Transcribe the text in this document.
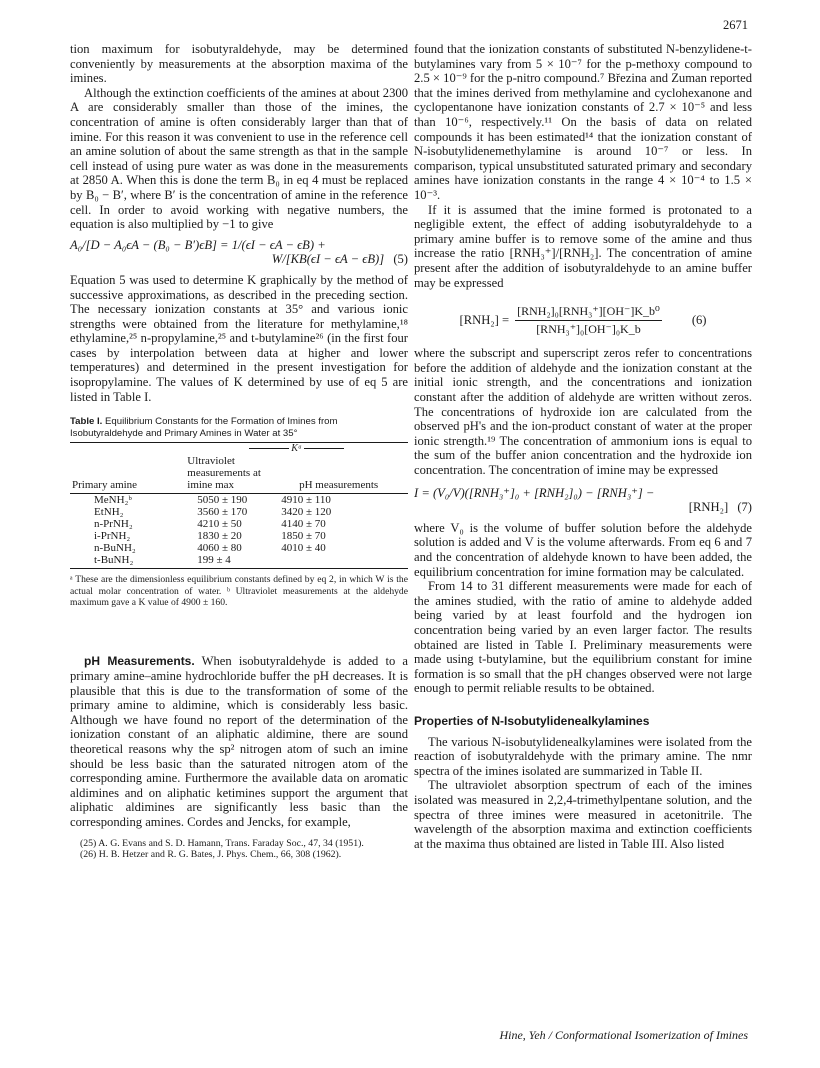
2671

tion maximum for isobutyraldehyde, may be determined conveniently by measurements at the absorption maxima of the imines.

Although the extinction coefficients of the amines at about 2300 A are considerably smaller than those of the imines, the concentration of amine is often considerably larger than that of imine. For this reason it was convenient to use in the reference cell an amine solution of about the same strength as that in the sample cell instead of using pure water as was done in the measurements at 2850 A. When this is done the term B₀ in eq 4 must be replaced by B₀ − B′, where B′ is the concentration of amine in the reference cell. In order to avoid working with negative numbers, the equation is also multiplied by −1 to give

A₀/[D − A₀ϵA − (B₀ − B′)ϵB] = 1/(ϵI − ϵA − ϵB) +
W/[KB(ϵI − ϵA − ϵB)] (5)

Equation 5 was used to determine K graphically by the method of successive approximations, as described in the preceding section. The necessary ionization constants at 35° and various ionic strengths were obtained from the literature for methylamine,¹⁸ ethylamine,²⁵ n-propylamine,²⁵ and t-butylamine²⁶ (in the first four cases by interpolation between data at higher and lower temperatures) and determined in the present investigation for isopropylamine. The values of K determined by use of eq 5 are listed in Table I.

Table I. Equilibrium Constants for the Formation of Imines from Isobutyraldehyde and Primary Amines in Water at 35°
	Kᵃ	
Primary amine	Ultraviolet measurements at imine max	pH measurements
MeNH₂ᵇ	5050 ± 190	4910 ± 110
EtNH₂	3560 ± 170	3420 ± 120
n-PrNH₂	4210 ± 50	4140 ± 70
i-PrNH₂	1830 ± 20	1850 ± 70
n-BuNH₂	4060 ± 80	4010 ± 40
t-BuNH₂	199 ± 4	

ᵃ These are the dimensionless equilibrium constants defined by eq 2, in which W is the actual molar concentration of water. ᵇ Ultraviolet measurements at the aldehyde maximum gave a K value of 4900 ± 160.

pH Measurements. When isobutyraldehyde is added to a primary amine–amine hydrochloride buffer the pH decreases. It is plausible that this is due to the transformation of some of the primary amine to aldimine, which is considerably less basic. Although we have found no report of the determination of the ionization constant of an aliphatic aldimine, there are sound theoretical reasons why the sp² nitrogen atom of such an imine should be less basic than the saturated nitrogen atom of the corresponding amine. Furthermore the available data on aromatic aldimines and on aliphatic ketimines support the argument that aliphatic aldimines are significantly less basic than the corresponding amines. Cordes and Jencks, for example,

(25) A. G. Evans and S. D. Hamann, Trans. Faraday Soc., 47, 34 (1951).

(26) H. B. Hetzer and R. G. Bates, J. Phys. Chem., 66, 308 (1962).

found that the ionization constants of substituted N-benzylidene-t-butylamines vary from 5 × 10⁻⁷ for the p-methoxy compound to 2.5 × 10⁻⁹ for the p-nitro compound.⁷ Březina and Zuman reported that the imines derived from methylamine and cyclohexanone and cyclopentanone have ionization constants of 2.7 × 10⁻⁵ and less than 10⁻⁶, respectively.¹¹ On the basis of data on related compounds it has been estimated¹⁴ that the ionization constant of N-isobutylidenemethylamine is around 10⁻⁷ or less. In comparison, typical unsubstituted saturated primary and secondary amines have ionization constants in the range 4 × 10⁻⁴ to 1.5 × 10⁻³.

If it is assumed that the imine formed is protonated to a negligible extent, the effect of adding isobutyraldehyde to a primary amine buffer is to remove some of the amine and thus increase the ratio [RNH₃⁺]/[RNH₂]. The concentration of amine present after the addition of isobutyraldehyde to an amine buffer may be expressed

$[RNH_2] = \frac{\text{[RNH₂]₀[RNH₃⁺][OH⁻]K\_b⁰}}{\text{[RNH₃⁺]₀[OH⁻]₀K\_b}} (6)$

where the subscript and superscript zeros refer to concentrations before the addition of aldehyde and the ionization constant at the initial ionic strength, and the concentrations and ionization constant after the addition of aldehyde are written without zeros. The concentrations of hydroxide ion are calculated from the observed pH's and the ion-product constant of water at the proper ionic strength.¹⁹ The concentration of ammonium ions is equal to the sum of the buffer anion concentration and the hydroxide ion concentration. The concentration of imine may be expressed

I = (V₀/V)([RNH₃⁺]₀ + [RNH₂]₀) − [RNH₃⁺] −
[RNH₂] (7)

where V₀ is the volume of buffer solution before the aldehyde solution is added and V is the volume afterwards. From eq 6 and 7 and the concentration of aldehyde known to have been added, the equilibrium concentration for imine formation may be calculated.

From 14 to 31 different measurements were made for each of the amines studied, with the ratio of amine to aldehyde added being varied by at least fourfold and the hydrogen ion concentration being varied by an even larger factor. The results obtained are listed in Table I. Preliminary measurements were made using t-butylamine, but the equilibrium constant for imine formation is so small that the pH changes observed were not large enough to permit reliable results to be obtained.

Properties of N-Isobutylidenealkylamines

The various N-isobutylidenealkylamines were isolated from the reaction of isobutyraldehyde with the primary amine. The nmr spectra of the imines isolated are summarized in Table II.

The ultraviolet absorption spectrum of each of the imines isolated was measured in 2,2,4-trimethylpentane solution, and the spectra of three imines were measured in acetonitrile. The wavelength of the absorption maxima and extinction coefficients at the maxima thus obtained are listed in Table III. Also listed

Hine, Yeh / Conformational Isomerization of Imines
